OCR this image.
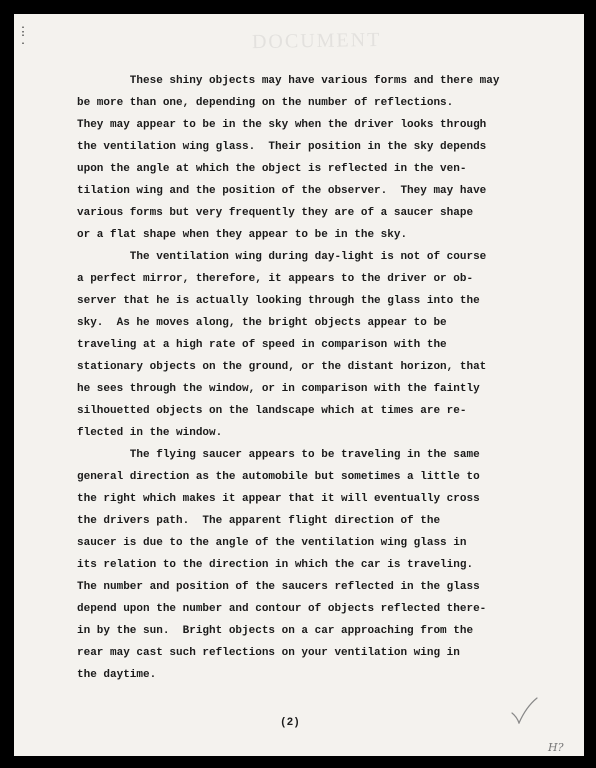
DOCUMENT
.
:
.
These shiny objects may have various forms and there may
be more than one, depending on the number of reflections.
They may appear to be in the sky when the driver looks through
the ventilation wing glass.  Their position in the sky depends
upon the angle at which the object is reflected in the ven-
tilation wing and the position of the observer.  They may have
various forms but very frequently they are of a saucer shape
or a flat shape when they appear to be in the sky.
The ventilation wing during day-light is not of course
a perfect mirror, therefore, it appears to the driver or ob-
server that he is actually looking through the glass into the
sky.  As he moves along, the bright objects appear to be
traveling at a high rate of speed in comparison with the
stationary objects on the ground, or the distant horizon, that
he sees through the window, or in comparison with the faintly
silhouetted objects on the landscape which at times are re-
flected in the window.
The flying saucer appears to be traveling in the same
general direction as the automobile but sometimes a little to
the right which makes it appear that it will eventually cross
the drivers path.  The apparent flight direction of the
saucer is due to the angle of the ventilation wing glass in
its relation to the direction in which the car is traveling.
The number and position of the saucers reflected in the glass
depend upon the number and contour of objects reflected there-
in by the sun.  Bright objects on a car approaching from the
rear may cast such reflections on your ventilation wing in
the daytime.
(2)
H?
